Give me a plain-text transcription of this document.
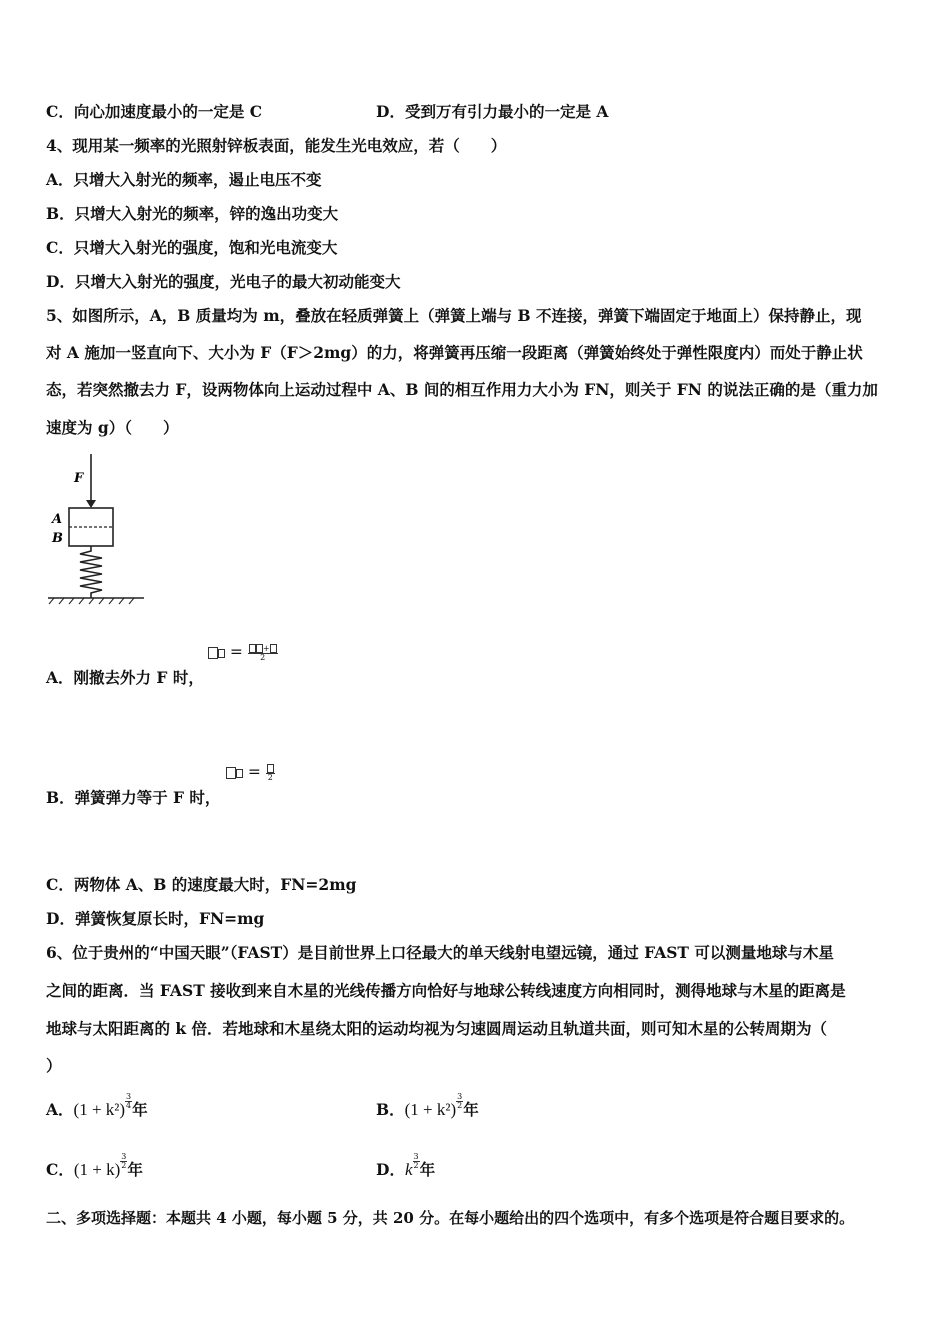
C．向心加速度最小的一定是 C	D．受到万有引力最小的一定是 A
4、现用某一频率的光照射锌板表面，能发生光电效应，若（　　）
A．只增大入射光的频率，遏止电压不变
B．只增大入射光的频率，锌的逸出功变大
C．只增大入射光的强度，饱和光电流变大
D．只增大入射光的强度，光电子的最大初动能变大
5、如图所示，A，B 质量均为 m，叠放在轻质弹簧上（弹簧上端与 B 不连接，弹簧下端固定于地面上）保持静止，现
对 A 施加一竖直向下、大小为 F（F＞2mg）的力，将弹簧再压缩一段距离（弹簧始终处于弹性限度内）而处于静止状
态，若突然撤去力 F，设两物体向上运动过程中 A、B 间的相互作用力大小为 FN，则关于 FN 的说法正确的是（重力加
速度为 g）（　　）
F
A
B
A．刚撤去外力 F 时，
= $\frac{+}{2}$
B．弹簧弹力等于 F 时，
=
2
C．两物体 A、B 的速度最大时，FN=2mg
D．弹簧恢复原长时，FN=mg
6、位于贵州的“中国天眼”（FAST）是目前世界上口径最大的单天线射电望远镜，通过 FAST 可以测量地球与木星
之间的距离．当 FAST 接收到来自木星的光线传播方向恰好与地球公转线速度方向相同时，测得地球与木星的距离是
地球与太阳距离的 k 倍．若地球和木星绕太阳的运动均视为匀速圆周运动且轨道共面，则可知木星的公转周期为（
）
A．$(1 + k^2)\frac{3}{4}$年	B．$(1 + k^2)\frac{3}{2}$年
C．$(1 + k)\frac{3}{2}$年	D．$k\frac{3}{2}$年
二、多项选择题：本题共 4 小题，每小题 5 分，共 20 分。在每小题给出的四个选项中，有多个选项是符合题目要求的。
